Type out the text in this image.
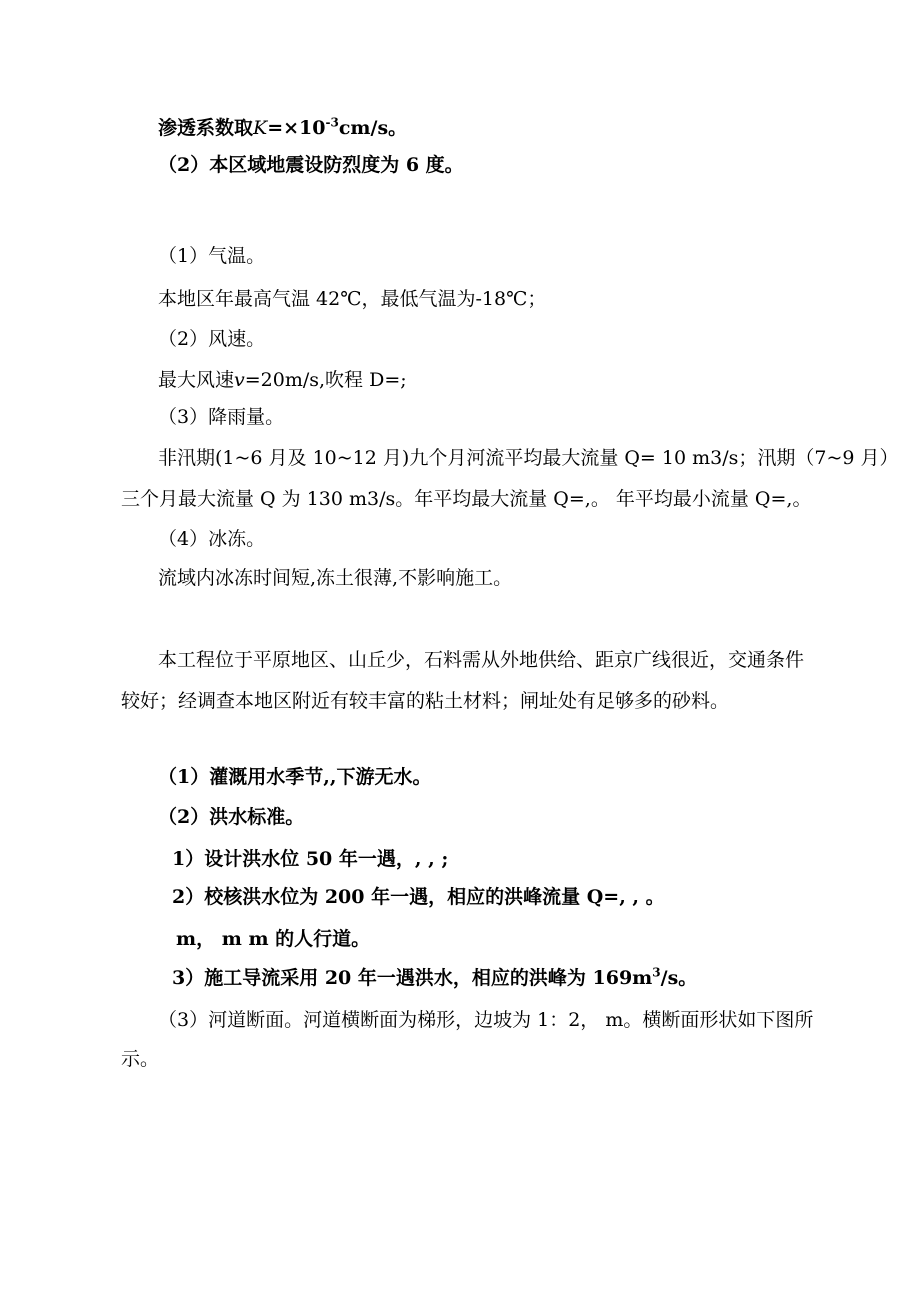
渗透系数取$K=\times 10^{-3}cm/s$。
（2）本区域地震设防烈度为 6 度。
（1）气温。
本地区年最高气温 42℃，最低气温为-18℃；
（2）风速。
最大风速v=20m/s,吹程 D=;
（3）降雨量。
非汛期(1~6 月及 10~12 月)九个月河流平均最大流量 Q= 10 m3/s；汛期（7~9 月）
三个月最大流量 Q 为 130 m3/s。年平均最大流量 Q=,。 年平均最小流量 Q=,。
（4）冰冻。
流域内冰冻时间短,冻土很薄,不影响施工。
本工程位于平原地区、山丘少，石料需从外地供给、距京广线很近，交通条件
较好；经调查本地区附近有较丰富的粘土材料；闸址处有足够多的砂料。
（1）灌溉用水季节,,下游无水。
（2）洪水标准。
1）设计洪水位 50 年一遇，, , ;
2）校核洪水位为 200 年一遇，相应的洪峰流量 Q=, , 。
m， m m 的人行道。
3）施工导流采用 20 年一遇洪水，相应的洪峰为 $169m^3/s$。
（3）河道断面。河道横断面为梯形，边坡为 1：2， m。横断面形状如下图所
示。
